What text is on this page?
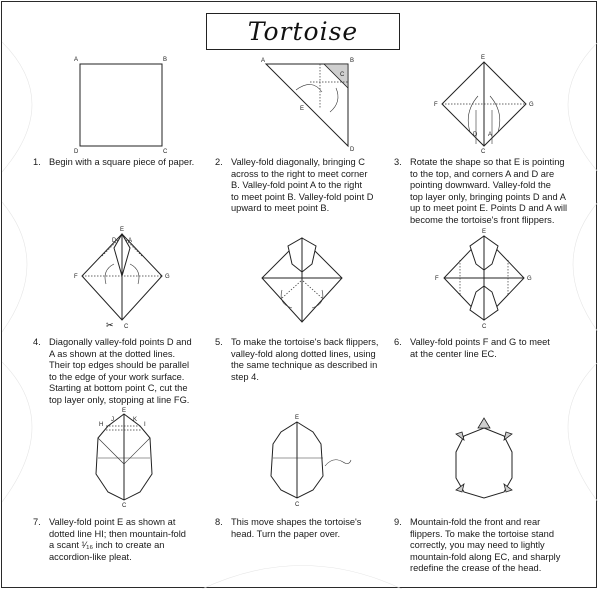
Tortoise
A	B
C
D
A	B
C
E
D
E
F	G
D A
C
E
D A
F	G
C
✂
E
F	G
C
E
H	I
K
J
C
E
C
1. Begin with a square piece of paper.	2. Valley-fold diagonally, bringing C
across to the right to meet corner
B. Valley-fold point A to the right
to meet point B. Valley-fold point D
upward to meet point B.
3. Rotate the shape so that E is pointing
to the top, and corners A and D are
pointing downward. Valley-fold the
top layer only, bringing points D and A
up to meet point E. Points D and A will
become the tortoise's front flippers.
4. Diagonally valley-fold points D and
A as shown at the dotted lines.
Their top edges should be parallel
to the edge of your work surface.
Starting at bottom point C, cut the
top layer only, stopping at line FG.
5. To make the tortoise's back flippers,
valley-fold along dotted lines, using
the same technique as described in
step 4.
6. Valley-fold points F and G to meet
at the center line EC.
7. Valley-fold point E as shown at
dotted line HI; then mountain-fold
a scant ¹⁄₁₆ inch to create an
accordion-like pleat.
8. This move shapes the tortoise's
head. Turn the paper over.
9. Mountain-fold the front and rear
flippers. To make the tortoise stand
correctly, you may need to lightly
mountain-fold along EC, and sharply
redefine the crease of the head.
